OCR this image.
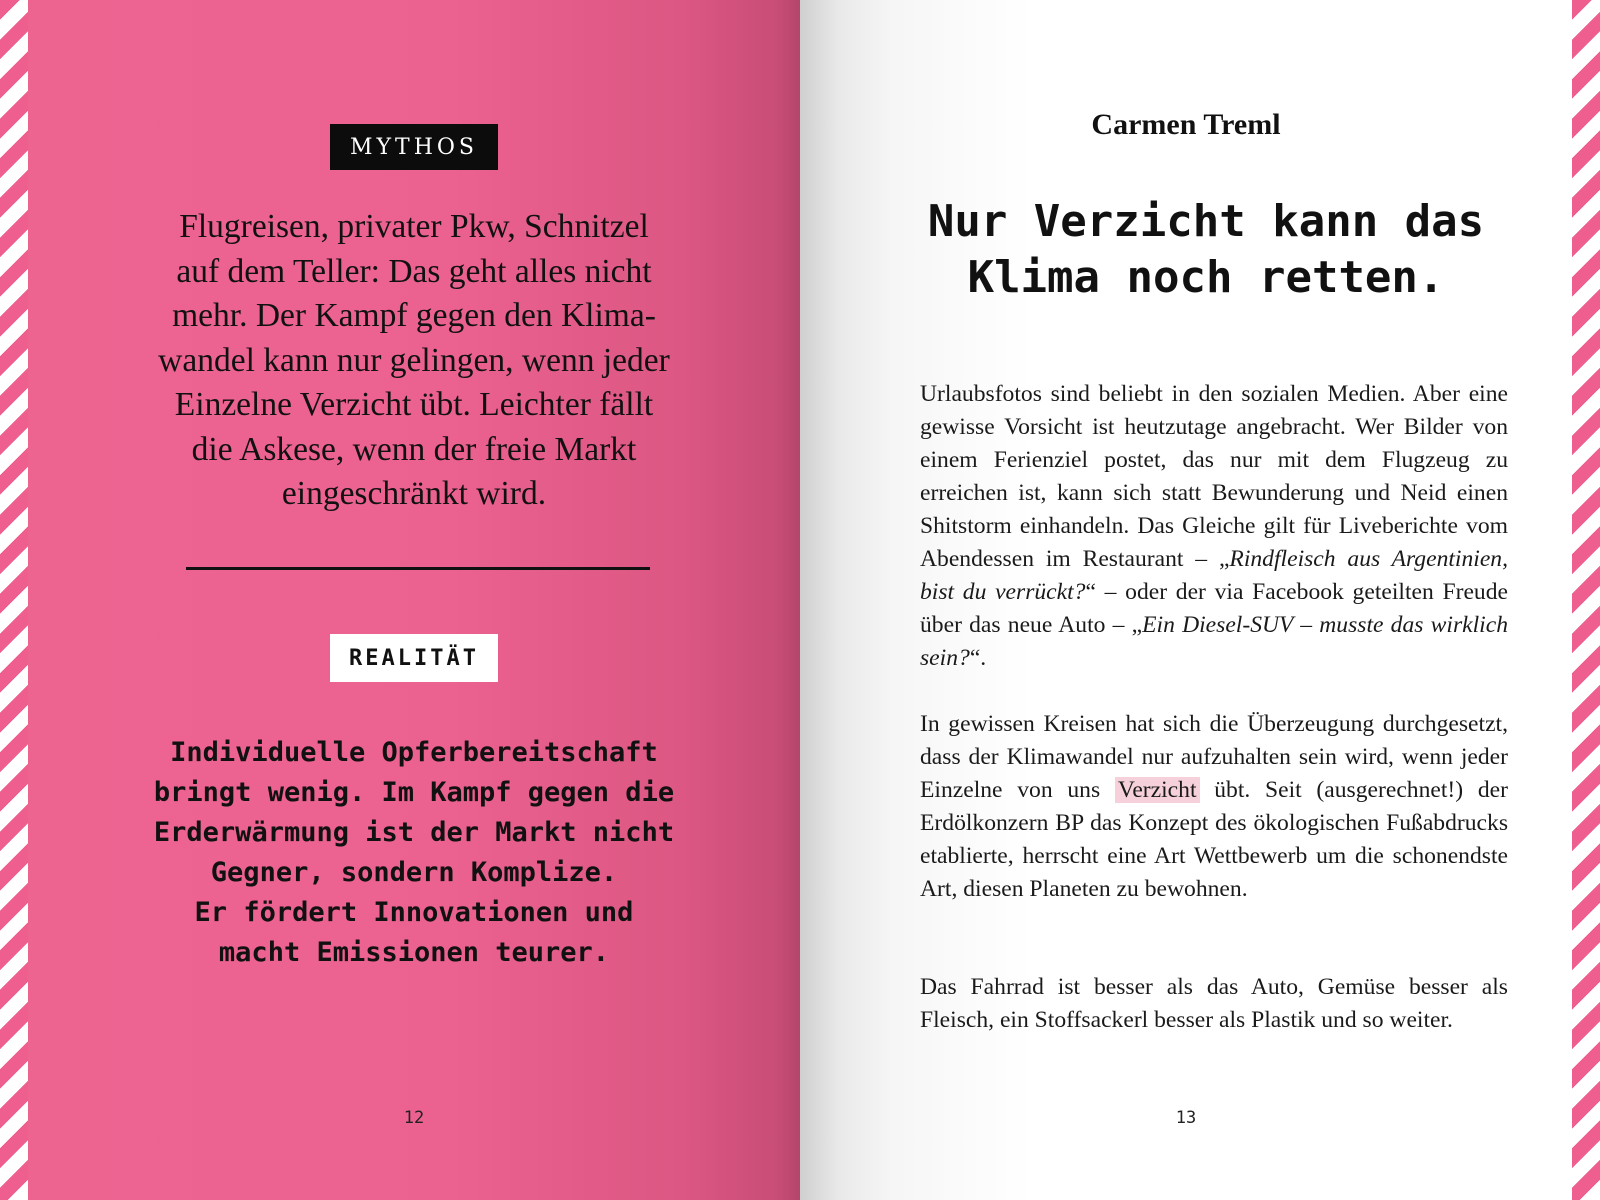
MYTHOS
Flugreisen, privater Pkw, Schnitzel
auf dem Teller: Das geht alles nicht
mehr. Der Kampf gegen den Klima-
wandel kann nur gelingen, wenn jeder
Einzelne Verzicht übt. Leichter fällt
die Askese, wenn der freie Markt
eingeschränkt wird.
REALITÄT
Individuelle Opferbereitschaft
bringt wenig. Im Kampf gegen die
Erderwärmung ist der Markt nicht
Gegner, sondern Komplize.
Er fördert Innovationen und
macht Emissionen teurer.
12
Carmen Treml
Nur Verzicht kann das
Klima noch retten.

Urlaubsfotos sind beliebt in den sozialen Medien. Aber eine gewisse Vorsicht ist heutzutage angebracht. Wer Bilder von einem Ferienziel postet, das nur mit dem Flugzeug zu erreichen ist, kann sich statt Bewunderung und Neid einen Shitstorm einhandeln. Das Gleiche gilt für Liveberichte vom Abendessen im Restaurant – „Rindfleisch aus Argentinien, bist du verrückt?“ – oder der via Facebook geteilten Freude über das neue Auto – „Ein Diesel-SUV – musste das wirklich sein?“.

In gewissen Kreisen hat sich die Überzeugung durchgesetzt, dass der Klimawandel nur aufzuhalten sein wird, wenn jeder Einzelne von uns Verzicht übt. Seit (ausgerechnet!) der Erdölkonzern BP das Konzept des ökologischen Fußabdrucks etablierte, herrscht eine Art Wettbewerb um die schonendste Art, diesen Planeten zu bewohnen.

Das Fahrrad ist besser als das Auto, Gemüse besser als Fleisch, ein Stoffsackerl besser als Plastik und so weiter.

13
